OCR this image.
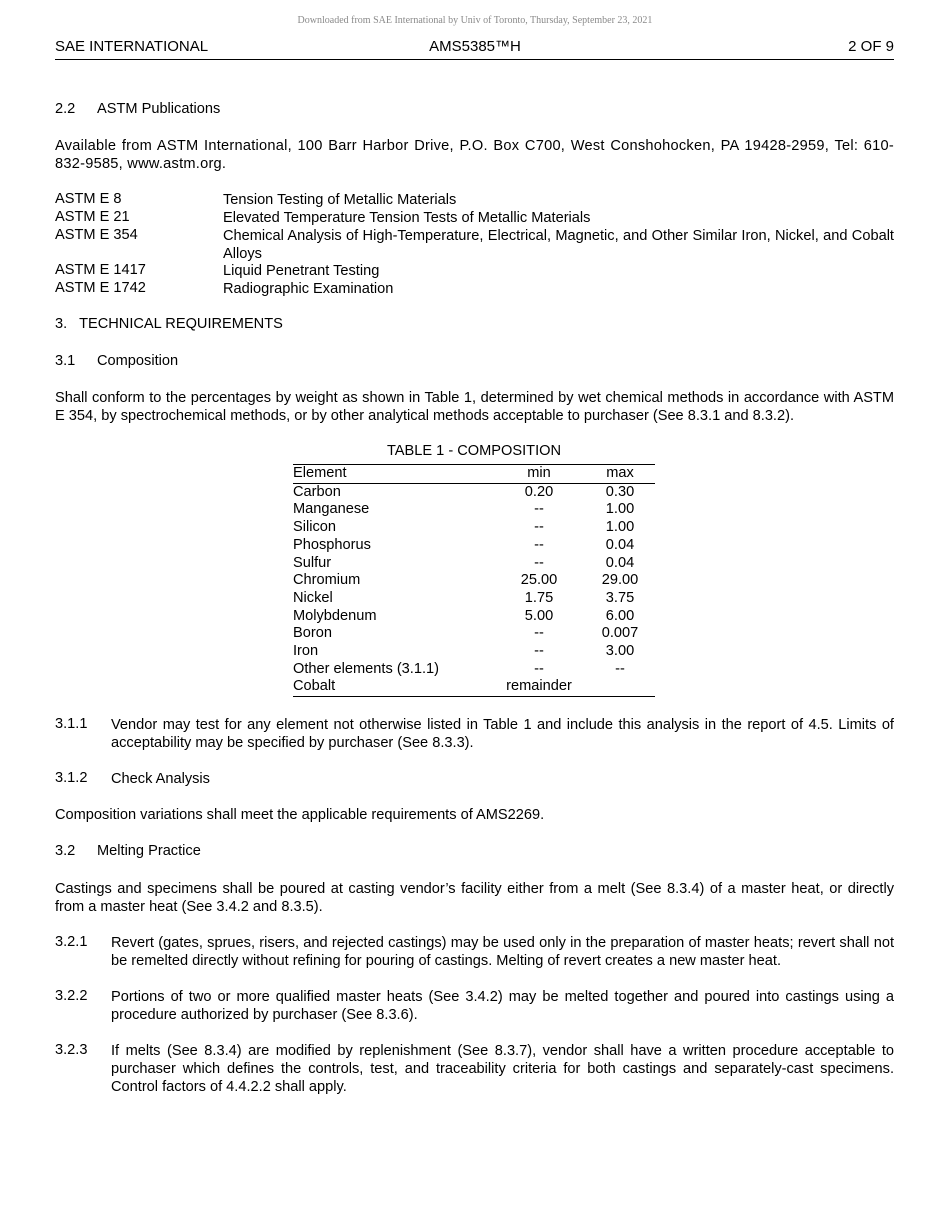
Downloaded from SAE International by Univ of Toronto, Thursday, September 23, 2021
SAE INTERNATIONAL	AMS5385™H	2 OF 9
2.2 ASTM Publications
Available from ASTM International, 100 Barr Harbor Drive, P.O. Box C700, West Conshohocken, PA 19428-2959, Tel: 610-832-9585, www.astm.org.
ASTM E 8	Tension Testing of Metallic Materials
ASTM E 21	Elevated Temperature Tension Tests of Metallic Materials
ASTM E 354	Chemical Analysis of High-Temperature, Electrical, Magnetic, and Other Similar Iron, Nickel, and Cobalt Alloys
ASTM E 1417	Liquid Penetrant Testing
ASTM E 1742	Radiographic Examination
3.   TECHNICAL REQUIREMENTS
3.1 Composition
Shall conform to the percentages by weight as shown in Table 1, determined by wet chemical methods in accordance with ASTM E 354, by spectrochemical methods, or by other analytical methods acceptable to purchaser (See 8.3.1 and 8.3.2).
TABLE 1 - COMPOSITION
Element	min	max
Carbon	0.20	0.30
Manganese	--	1.00
Silicon	--	1.00
Phosphorus	--	0.04
Sulfur	--	0.04
Chromium	25.00	29.00
Nickel	1.75	3.75
Molybdenum	5.00	6.00
Boron	--	0.007
Iron	--	3.00
Other elements (3.1.1)	--	--
Cobalt	remainder	
3.1.1 Vendor may test for any element not otherwise listed in Table 1 and include this analysis in the report of 4.5. Limits of acceptability may be specified by purchaser (See 8.3.3).
3.1.2 Check Analysis
Composition variations shall meet the applicable requirements of AMS2269.
3.2 Melting Practice
Castings and specimens shall be poured at casting vendor’s facility either from a melt (See 8.3.4) of a master heat, or directly from a master heat (See 3.4.2 and 8.3.5).
3.2.1 Revert (gates, sprues, risers, and rejected castings) may be used only in the preparation of master heats; revert shall not be remelted directly without refining for pouring of castings. Melting of revert creates a new master heat.
3.2.2 Portions of two or more qualified master heats (See 3.4.2) may be melted together and poured into castings using a procedure authorized by purchaser (See 8.3.6).
3.2.3 If melts (See 8.3.4) are modified by replenishment (See 8.3.7), vendor shall have a written procedure acceptable to purchaser which defines the controls, test, and traceability criteria for both castings and separately-cast specimens. Control factors of 4.4.2.2 shall apply.
